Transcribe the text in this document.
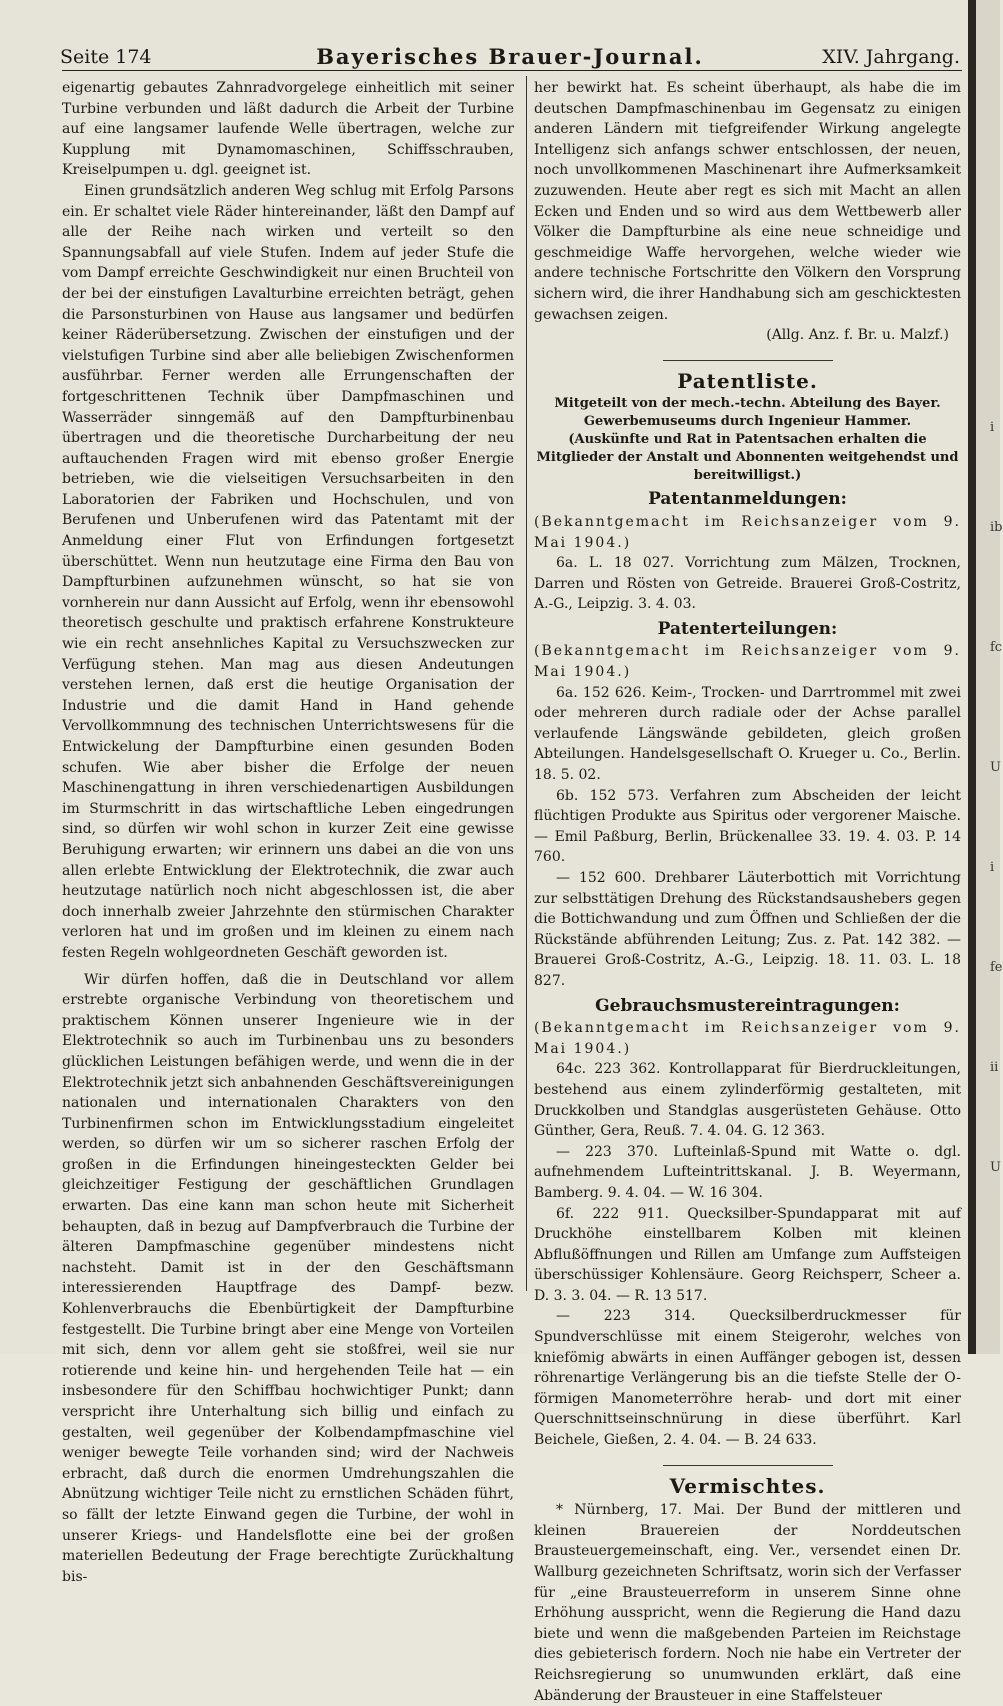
Seite 174	Bayerisches Brauer-Journal.	XIV. Jahrgang.

eigenartig gebautes Zahnradvorgelege einheitlich mit seiner Turbine verbunden und läßt dadurch die Arbeit der Turbine auf eine langsamer laufende Welle übertragen, welche zur Kupplung mit Dynamomaschinen, Schiffsschrauben, Kreiselpumpen u. dgl. geeignet ist.

Einen grundsätzlich anderen Weg schlug mit Erfolg Parsons ein. Er schaltet viele Räder hintereinander, läßt den Dampf auf alle der Reihe nach wirken und verteilt so den Spannungsabfall auf viele Stufen. Indem auf jeder Stufe die vom Dampf erreichte Geschwindigkeit nur einen Bruchteil von der bei der einstufigen Lavalturbine erreichten beträgt, gehen die Parsonsturbinen von Hause aus langsamer und bedürfen keiner Räderübersetzung. Zwischen der einstufigen und der vielstufigen Turbine sind aber alle beliebigen Zwischenformen ausführbar. Ferner werden alle Errungenschaften der fortgeschrittenen Technik über Dampfmaschinen und Wasserräder sinngemäß auf den Dampfturbinenbau übertragen und die theoretische Durcharbeitung der neu auftauchenden Fragen wird mit ebenso großer Energie betrieben, wie die vielseitigen Versuchsarbeiten in den Laboratorien der Fabriken und Hochschulen, und von Berufenen und Unberufenen wird das Patentamt mit der Anmeldung einer Flut von Erfindungen fortgesetzt überschüttet. Wenn nun heutzutage eine Firma den Bau von Dampfturbinen aufzunehmen wünscht, so hat sie von vornherein nur dann Aussicht auf Erfolg, wenn ihr ebensowohl theoretisch geschulte und praktisch erfahrene Konstrukteure wie ein recht ansehnliches Kapital zu Versuchszwecken zur Verfügung stehen. Man mag aus diesen Andeutungen verstehen lernen, daß erst die heutige Organisation der Industrie und die damit Hand in Hand gehende Vervollkommnung des technischen Unterrichtswesens für die Entwickelung der Dampfturbine einen gesunden Boden schufen. Wie aber bisher die Erfolge der neuen Maschinengattung in ihren verschiedenartigen Ausbildungen im Sturmschritt in das wirtschaftliche Leben eingedrungen sind, so dürfen wir wohl schon in kurzer Zeit eine gewisse Beruhigung erwarten; wir erinnern uns dabei an die von uns allen erlebte Entwicklung der Elektrotechnik, die zwar auch heutzutage natürlich noch nicht abgeschlossen ist, die aber doch innerhalb zweier Jahrzehnte den stürmischen Charakter verloren hat und im großen und im kleinen zu einem nach festen Regeln wohlgeordneten Geschäft geworden ist.

Wir dürfen hoffen, daß die in Deutschland vor allem erstrebte organische Verbindung von theoretischem und praktischem Können unserer Ingenieure wie in der Elektrotechnik so auch im Turbinenbau uns zu besonders glücklichen Leistungen befähigen werde, und wenn die in der Elektrotechnik jetzt sich anbahnenden Geschäftsvereinigungen nationalen und internationalen Charakters von den Turbinenfirmen schon im Entwicklungsstadium eingeleitet werden, so dürfen wir um so sicherer raschen Erfolg der großen in die Erfindungen hineingesteckten Gelder bei gleichzeitiger Festigung der geschäftlichen Grundlagen erwarten. Das eine kann man schon heute mit Sicherheit behaupten, daß in bezug auf Dampfverbrauch die Turbine der älteren Dampfmaschine gegenüber mindestens nicht nachsteht. Damit ist in der den Geschäftsmann interessierenden Hauptfrage des Dampf- bezw. Kohlenverbrauchs die Ebenbürtigkeit der Dampfturbine festgestellt. Die Turbine bringt aber eine Menge von Vorteilen mit sich, denn vor allem geht sie stoßfrei, weil sie nur rotierende und keine hin- und hergehenden Teile hat — ein insbesondere für den Schiffbau hochwichtiger Punkt; dann verspricht ihre Unterhaltung sich billig und einfach zu gestalten, weil gegenüber der Kolbendampfmaschine viel weniger bewegte Teile vorhanden sind; wird der Nachweis erbracht, daß durch die enormen Umdrehungszahlen die Abnützung wichtiger Teile nicht zu ernstlichen Schäden führt, so fällt der letzte Einwand gegen die Turbine, der wohl in unserer Kriegs- und Handelsflotte eine bei der großen materiellen Bedeutung der Frage berechtigte Zurückhaltung bis-

her bewirkt hat. Es scheint überhaupt, als habe die im deutschen Dampfmaschinenbau im Gegensatz zu einigen anderen Ländern mit tiefgreifender Wirkung angelegte Intelligenz sich anfangs schwer entschlossen, der neuen, noch unvollkommenen Maschinenart ihre Aufmerksamkeit zuzuwenden. Heute aber regt es sich mit Macht an allen Ecken und Enden und so wird aus dem Wettbewerb aller Völker die Dampfturbine als eine neue schneidige und geschmeidige Waffe hervorgehen, welche wieder wie andere technische Fortschritte den Völkern den Vorsprung sichern wird, die ihrer Handhabung sich am geschicktesten gewachsen zeigen.

(Allg. Anz. f. Br. u. Malzf.)

Patentliste.

Mitgeteilt von der mech.-techn. Abteilung des Bayer. Gewerbemuseums durch Ingenieur Hammer.

(Auskünfte und Rat in Patentsachen erhalten die Mitglieder der Anstalt und Abonnenten weitgehendst und bereitwilligst.)

Patentanmeldungen:

(Bekanntgemacht im Reichsanzeiger vom 9. Mai 1904.)

6a. L. 18 027. Vorrichtung zum Mälzen, Trocknen, Darren und Rösten von Getreide. Brauerei Groß-Costritz, A.-G., Leipzig. 3. 4. 03.

Patenterteilungen:

(Bekanntgemacht im Reichsanzeiger vom 9. Mai 1904.)

6a. 152 626. Keim-, Trocken- und Darrtrommel mit zwei oder mehreren durch radiale oder der Achse parallel verlaufende Längswände gebildeten, gleich großen Abteilungen. Handelsgesellschaft O. Krueger u. Co., Berlin. 18. 5. 02.

6b. 152 573. Verfahren zum Abscheiden der leicht flüchtigen Produkte aus Spiritus oder vergorener Maische. — Emil Paßburg, Berlin, Brückenallee 33. 19. 4. 03. P. 14 760.

— 152 600. Drehbarer Läuterbottich mit Vorrichtung zur selbsttätigen Drehung des Rückstandsaushebers gegen die Bottichwandung und zum Öffnen und Schließen der die Rückstände abführenden Leitung; Zus. z. Pat. 142 382. — Brauerei Groß-Costritz, A.-G., Leipzig. 18. 11. 03. L. 18 827.

Gebrauchsmustereintragungen:

(Bekanntgemacht im Reichsanzeiger vom 9. Mai 1904.)

64c. 223 362. Kontrollapparat für Bierdruckleitungen, bestehend aus einem zylinderförmig gestalteten, mit Druckkolben und Standglas ausgerüsteten Gehäuse. Otto Günther, Gera, Reuß. 7. 4. 04. G. 12 363.

— 223 370. Lufteinlaß-Spund mit Watte o. dgl. aufnehmendem Lufteintrittskanal. J. B. Weyermann, Bamberg. 9. 4. 04. — W. 16 304.

6f. 222 911. Quecksilber-Spundapparat mit auf Druckhöhe einstellbarem Kolben mit kleinen Abflußöffnungen und Rillen am Umfange zum Auffsteigen überschüssiger Kohlensäure. Georg Reichsperr, Scheer a. D. 3. 3. 04. — R. 13 517.

— 223 314. Quecksilberdruckmesser für Spundverschlüsse mit einem Steigerohr, welches von kniefömig abwärts in einen Auffänger gebogen ist, dessen röhrenartige Verlängerung bis an die tiefste Stelle der O-förmigen Manometerröhre herab- und dort mit einer Querschnittseinschnürung in diese überführt. Karl Beichele, Gießen, 2. 4. 04. — B. 24 633.

Vermischtes.

* Nürnberg, 17. Mai. Der Bund der mittleren und kleinen Brauereien der Norddeutschen Brausteuergemeinschaft, eing. Ver., versendet einen Dr. Wallburg gezeichneten Schriftsatz, worin sich der Verfasser für „eine Brausteuerreform in unserem Sinne ohne Erhöhung ausspricht, wenn die Regierung die Hand dazu biete und wenn die maßgebenden Parteien im Reichstage dies gebieterisch fordern. Noch nie habe ein Vertreter der Reichsregierung so unumwunden erklärt, daß eine Abänderung der Brausteuer in eine Staffelsteuer

i
ib
fc
U
i
fe
ii
U
